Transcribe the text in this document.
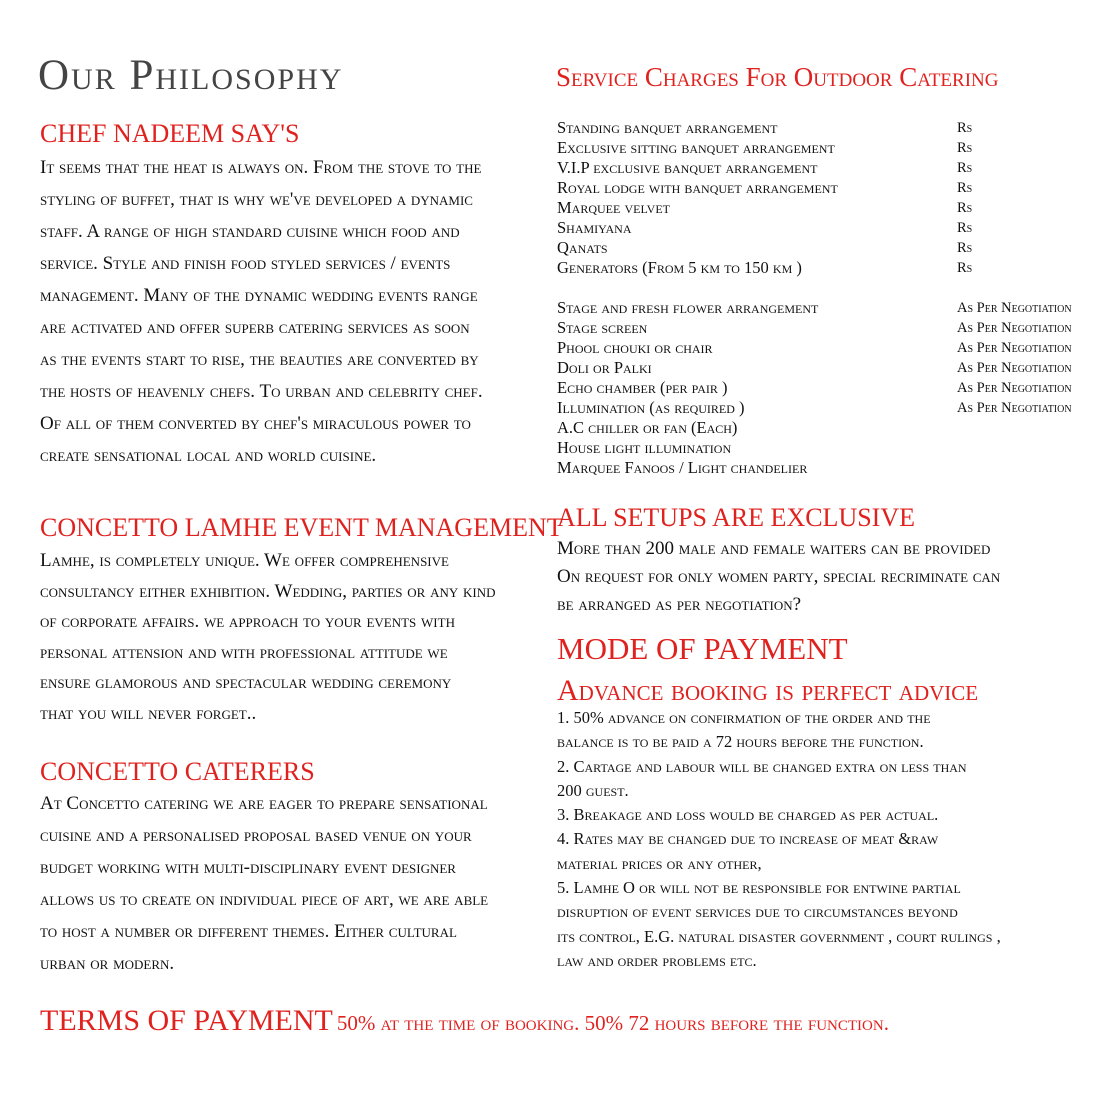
Our Philosophy
CHEF NADEEM SAY'S
It seems that the heat is always on. From the stove to the
styling of buffet, that is why we've developed a dynamic
staff. A range of high standard cuisine which food and
service. Style and finish food styled services / events
management. Many of the dynamic wedding events range
are activated and offer superb catering services as soon
as the events start to rise, the beauties are converted by
the hosts of heavenly chefs. To urban and celebrity chef.
Of all of them converted by chef's miraculous power to
create sensational local and world cuisine.
CONCETTO LAMHE EVENT MANAGEMENT
Lamhe, is completely unique. We offer comprehensive
consultancy either exhibition. Wedding, parties or any kind
of corporate affairs. we approach to your events with
personal attension and with professional attitude we
ensure glamorous and spectacular wedding ceremony
that you will never forget..
CONCETTO CATERERS
At Concetto catering we are eager to prepare sensational
cuisine and a personalised proposal based venue on your
budget working with multi-disciplinary event designer
allows us to create on individual piece of art, we are able
to host a number or different themes. Either cultural
urban or modern.
Service Charges For Outdoor Catering
Standing banquet arrangement	Rs
Exclusive sitting banquet arrangement	Rs
V.I.P exclusive banquet arrangement	Rs
Royal lodge with banquet arrangement	Rs
Marquee velvet	Rs
Shamiyana	Rs
Qanats	Rs
Generators (From 5 km to 150 km )	Rs
Stage and fresh flower arrangement	As Per Negotiation
Stage screen	As Per Negotiation
Phool chouki or chair	As Per Negotiation
Doli or Palki	As Per Negotiation
Echo chamber (per pair )	As Per Negotiation
Illumination (as required )	As Per Negotiation
A.C chiller or fan (Each)
House light illumination
Marquee Fanoos / Light chandelier
ALL SETUPS ARE EXCLUSIVE
More than 200 male and female waiters can be provided
On request for only women party, special recriminate can
be arranged as per negotiation?
MODE OF PAYMENT
Advance booking is perfect advice
1. 50% advance on confirmation of the order and the
balance is to be paid a 72 hours before the function.
2. Cartage and labour will be changed extra on less than
200 guest.
3. Breakage and loss would be charged as per actual.
4. Rates may be changed due to increase of meat &raw
material prices or any other,
5. Lamhe O or will not be responsible for entwine partial
disruption of event services due to circumstances beyond
its control, E.G. natural disaster government , court rulings ,
law and order problems etc.
TERMS OF PAYMENT 50% at the time of booking. 50% 72 hours before the function.
